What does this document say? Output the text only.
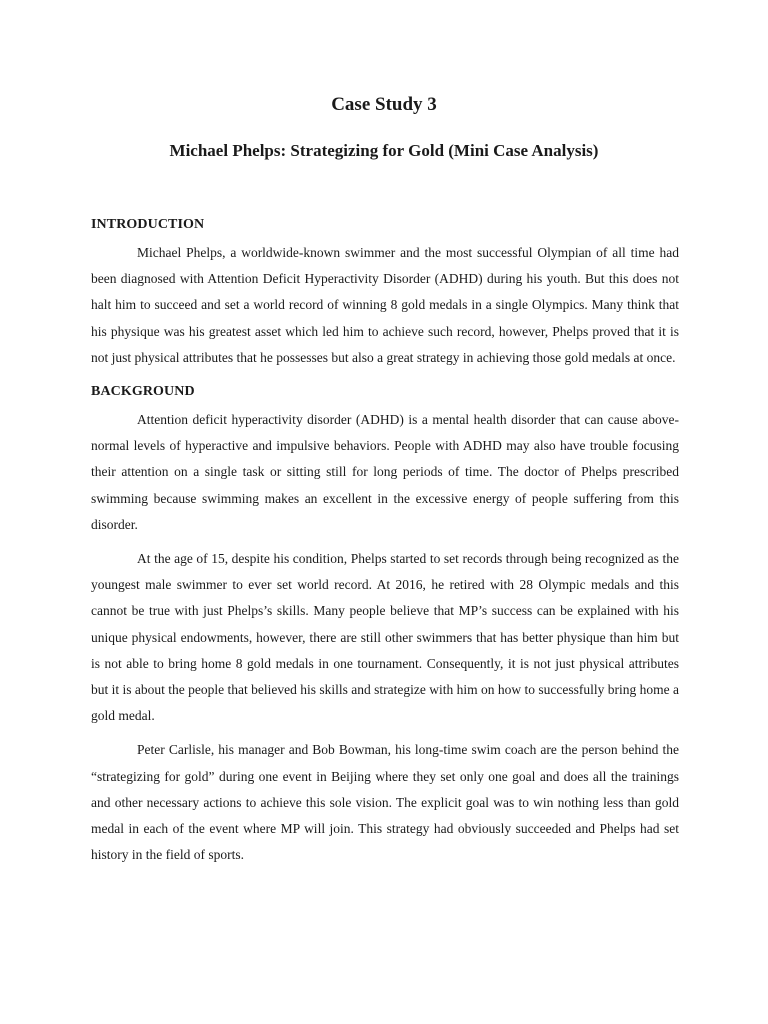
Case Study 3
Michael Phelps: Strategizing for Gold (Mini Case Analysis)
INTRODUCTION

Michael Phelps, a worldwide-known swimmer and the most successful Olympian of all time had been diagnosed with Attention Deficit Hyperactivity Disorder (ADHD) during his youth. But this does not halt him to succeed and set a world record of winning 8 gold medals in a single Olympics. Many think that his physique was his greatest asset which led him to achieve such record, however, Phelps proved that it is not just physical attributes that he possesses but also a great strategy in achieving those gold medals at once.

BACKGROUND

Attention deficit hyperactivity disorder (ADHD) is a mental health disorder that can cause above-normal levels of hyperactive and impulsive behaviors. People with ADHD may also have trouble focusing their attention on a single task or sitting still for long periods of time. The doctor of Phelps prescribed swimming because swimming makes an excellent in the excessive energy of people suffering from this disorder.

At the age of 15, despite his condition, Phelps started to set records through being recognized as the youngest male swimmer to ever set world record. At 2016, he retired with 28 Olympic medals and this cannot be true with just Phelps’s skills. Many people believe that MP’s success can be explained with his unique physical endowments, however, there are still other swimmers that has better physique than him but is not able to bring home 8 gold medals in one tournament. Consequently, it is not just physical attributes but it is about the people that believed his skills and strategize with him on how to successfully bring home a gold medal.

Peter Carlisle, his manager and Bob Bowman, his long-time swim coach are the person behind the “strategizing for gold” during one event in Beijing where they set only one goal and does all the trainings and other necessary actions to achieve this sole vision. The explicit goal was to win nothing less than gold medal in each of the event where MP will join. This strategy had obviously succeeded and Phelps had set history in the field of sports.
